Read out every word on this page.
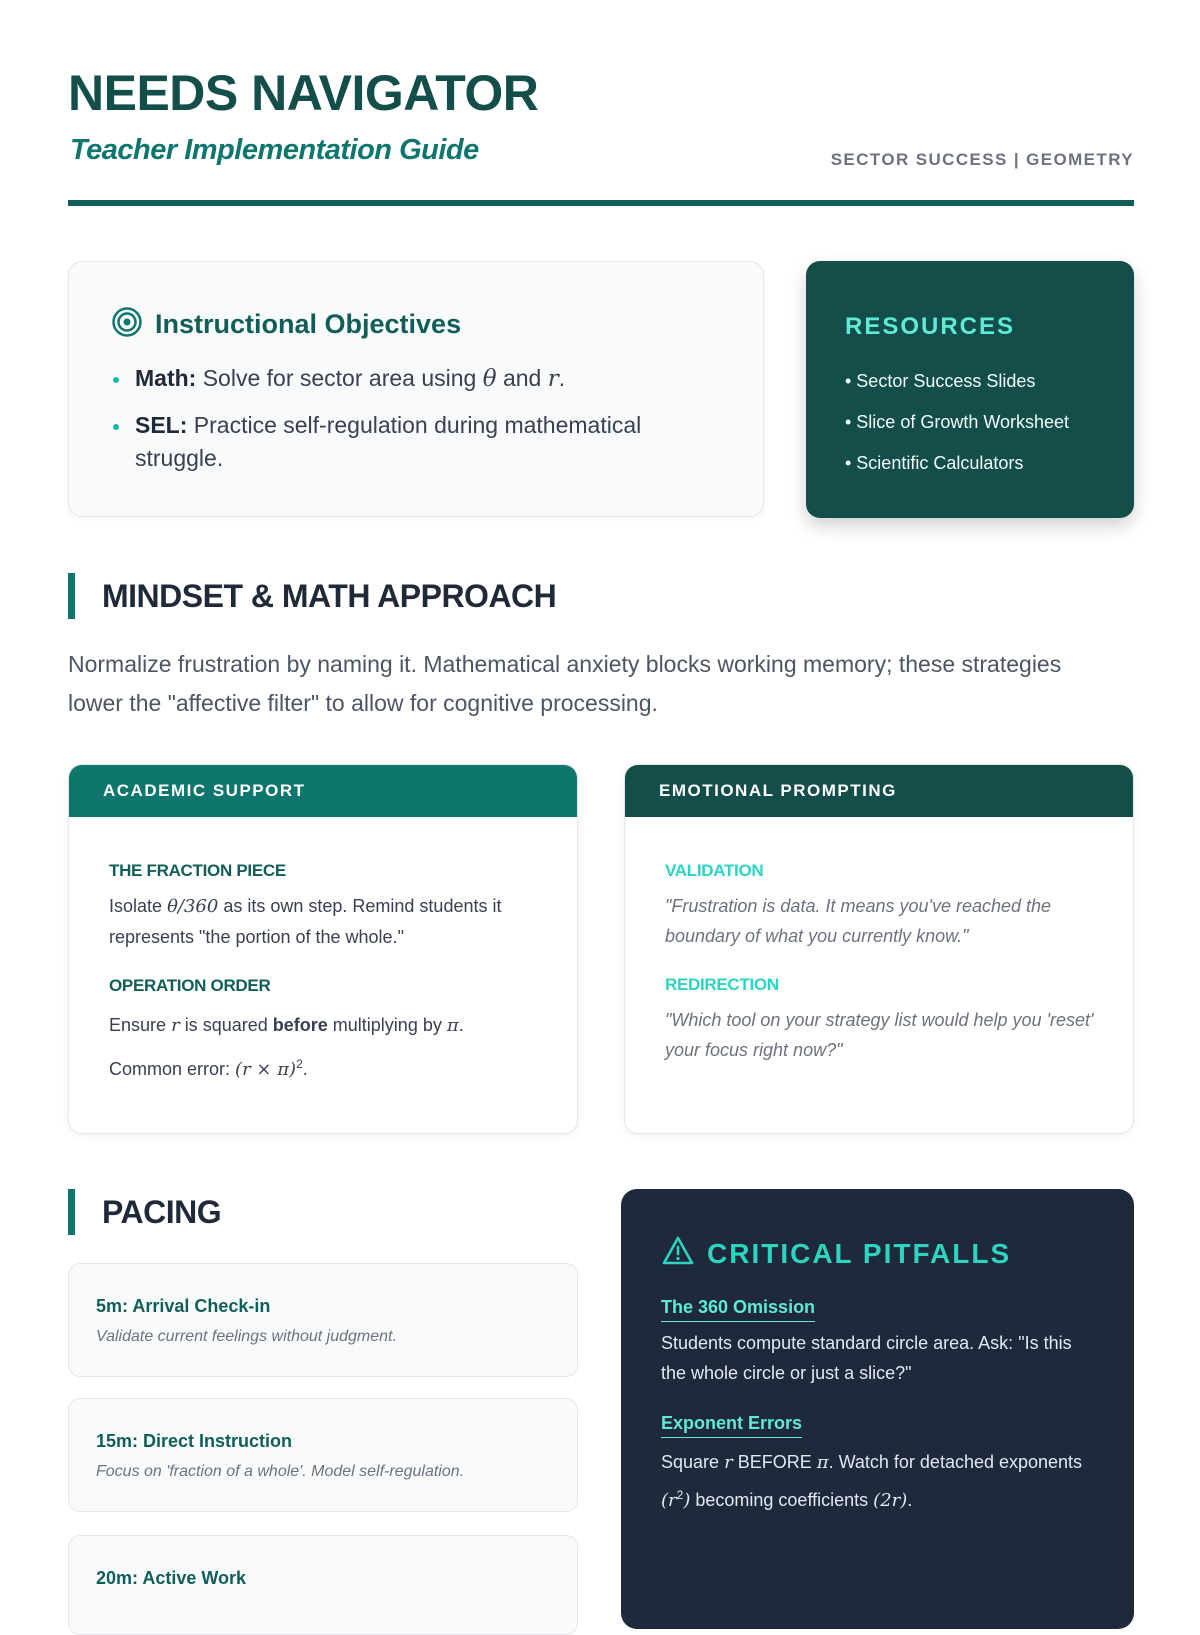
NEEDS NAVIGATOR
Teacher Implementation Guide	SECTOR SUCCESS | GEOMETRY
Instructional Objectives
Math: Solve for sector area using θ and r.
SEL: Practice self-regulation during mathematical struggle.
RESOURCES
• Sector Success Slides
• Slice of Growth Worksheet
• Scientific Calculators
MINDSET & MATH APPROACH

Normalize frustration by naming it. Mathematical anxiety blocks working memory; these strategies lower the "affective filter" to allow for cognitive processing.

ACADEMIC SUPPORT
THE FRACTION PIECE
Isolate θ/360 as its own step. Remind students it represents "the portion of the whole."
OPERATION ORDER
Ensure r is squared before multiplying by π.
Common error: $(r \times \pi)^2$.
EMOTIONAL PROMPTING
VALIDATION
"Frustration is data. It means you've reached the boundary of what you currently know."
REDIRECTION
"Which tool on your strategy list would help you 'reset' your focus right now?"
PACING
5m: Arrival Check-in
Validate current feelings without judgment.
15m: Direct Instruction
Focus on 'fraction of a whole'. Model self-regulation.
20m: Active Work
CRITICAL PITFALLS
The 360 Omission
Students compute standard circle area. Ask: "Is this the whole circle or just a slice?"
Exponent Errors
Square r BEFORE π. Watch for detached exponents $(r^2)$ becoming coefficients (2r).
